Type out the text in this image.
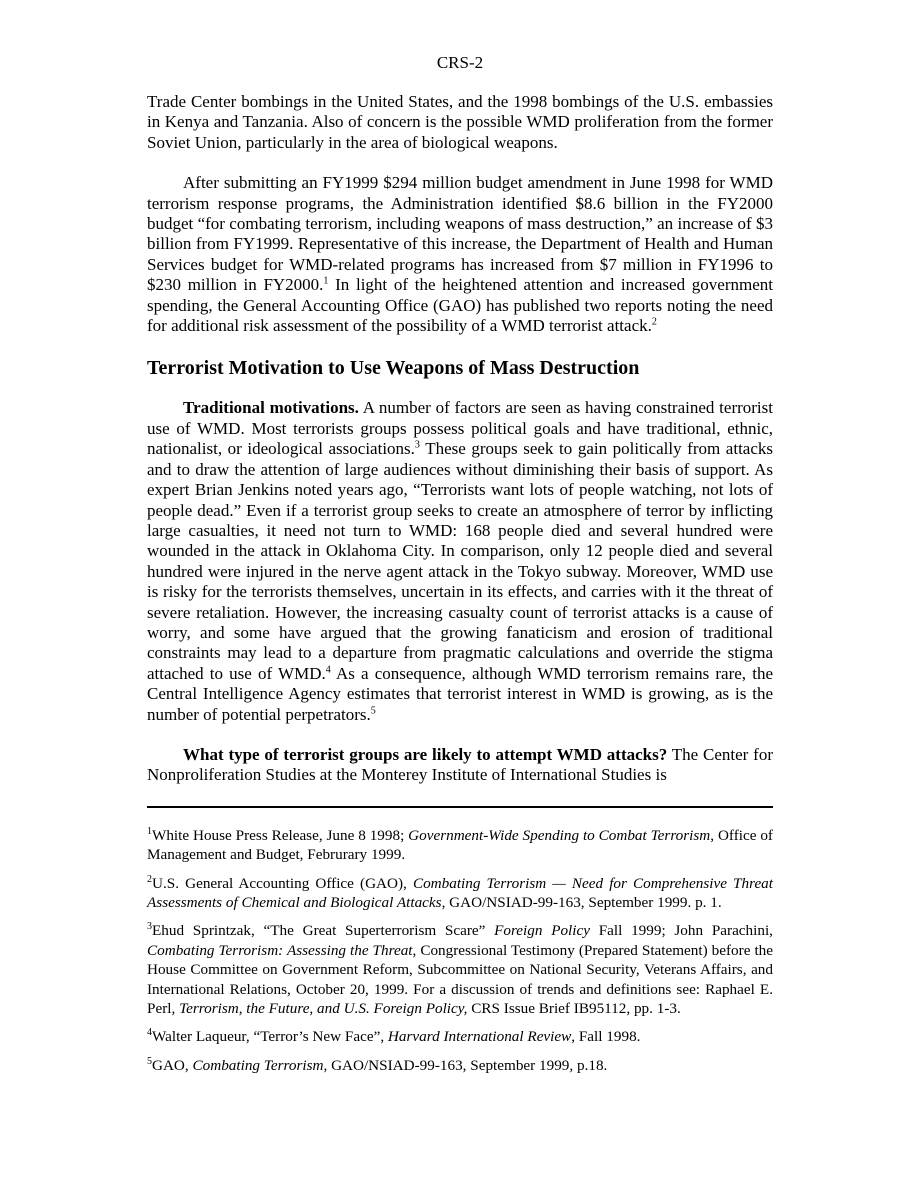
CRS-2

Trade Center bombings in the United States, and the 1998 bombings of the U.S. embassies in Kenya and Tanzania. Also of concern is the possible WMD proliferation from the former Soviet Union, particularly in the area of biological weapons.

After submitting an FY1999 $294 million budget amendment in June 1998 for WMD terrorism response programs, the Administration identified $8.6 billion in the FY2000 budget “for combating terrorism, including weapons of mass destruction,” an increase of $3 billion from FY1999. Representative of this increase, the Department of Health and Human Services budget for WMD-related programs has increased from $7 million in FY1996 to $230 million in FY2000.$^1$ In light of the heightened attention and increased government spending, the General Accounting Office (GAO) has published two reports noting the need for additional risk assessment of the possibility of a WMD terrorist attack.$^2$

Terrorist Motivation to Use Weapons of Mass Destruction

Traditional motivations. A number of factors are seen as having constrained terrorist use of WMD. Most terrorists groups possess political goals and have traditional, ethnic, nationalist, or ideological associations.$^3$ These groups seek to gain politically from attacks and to draw the attention of large audiences without diminishing their basis of support. As expert Brian Jenkins noted years ago, “Terrorists want lots of people watching, not lots of people dead.” Even if a terrorist group seeks to create an atmosphere of terror by inflicting large casualties, it need not turn to WMD: 168 people died and several hundred were wounded in the attack in Oklahoma City. In comparison, only 12 people died and several hundred were injured in the nerve agent attack in the Tokyo subway. Moreover, WMD use is risky for the terrorists themselves, uncertain in its effects, and carries with it the threat of severe retaliation. However, the increasing casualty count of terrorist attacks is a cause of worry, and some have argued that the growing fanaticism and erosion of traditional constraints may lead to a departure from pragmatic calculations and override the stigma attached to use of WMD.$^4$ As a consequence, although WMD terrorism remains rare, the Central Intelligence Agency estimates that terrorist interest in WMD is growing, as is the number of potential perpetrators.$^5$

What type of terrorist groups are likely to attempt WMD attacks? The Center for Nonproliferation Studies at the Monterey Institute of International Studies is

$^1$White House Press Release, June 8 1998; Government-Wide Spending to Combat Terrorism, Office of Management and Budget, Februrary 1999.

$^2$U.S. General Accounting Office (GAO), Combating Terrorism — Need for Comprehensive Threat Assessments of Chemical and Biological Attacks, GAO/NSIAD-99-163, September 1999. p. 1.

$^3$Ehud Sprintzak, “The Great Superterrorism Scare” Foreign Policy Fall 1999; John Parachini, Combating Terrorism: Assessing the Threat, Congressional Testimony (Prepared Statement) before the House Committee on Government Reform, Subcommittee on National Security, Veterans Affairs, and International Relations, October 20, 1999. For a discussion of trends and definitions see: Raphael E. Perl, Terrorism, the Future, and U.S. Foreign Policy, CRS Issue Brief IB95112, pp. 1-3.

$^4$Walter Laqueur, “Terror’s New Face”, Harvard International Review, Fall 1998.

$^5$GAO, Combating Terrorism, GAO/NSIAD-99-163, September 1999, p.18.
